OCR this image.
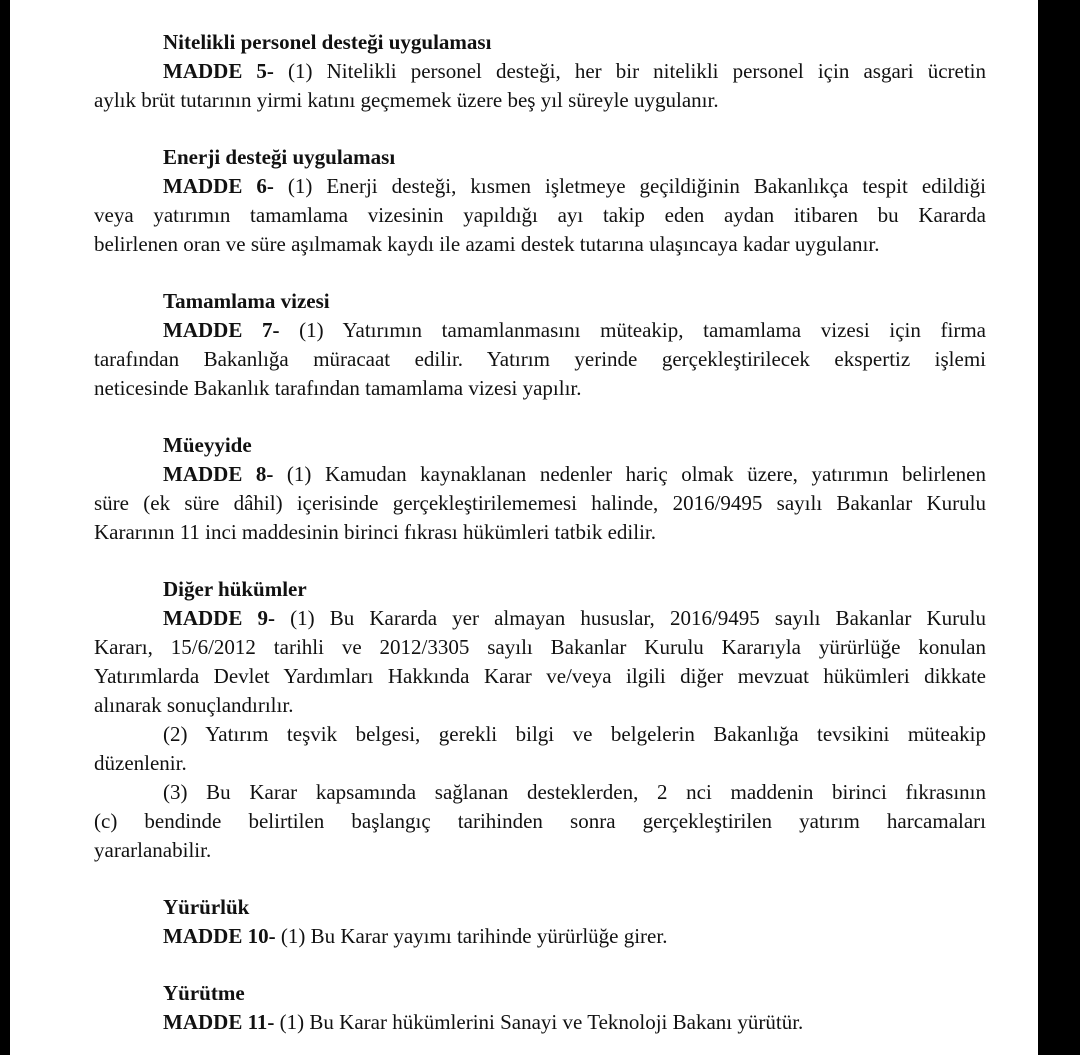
Nitelikli personel desteği uygulaması
MADDE 5- (1) Nitelikli personel desteği, her bir nitelikli personel için asgari ücretin
aylık brüt tutarının yirmi katını geçmemek üzere beş yıl süreyle uygulanır.
Enerji desteği uygulaması
MADDE 6- (1) Enerji desteği, kısmen işletmeye geçildiğinin Bakanlıkça tespit edildiği
veya yatırımın tamamlama vizesinin yapıldığı ayı takip eden aydan itibaren bu Kararda
belirlenen oran ve süre aşılmamak kaydı ile azami destek tutarına ulaşıncaya kadar uygulanır.
Tamamlama vizesi
MADDE 7- (1) Yatırımın tamamlanmasını müteakip, tamamlama vizesi için firma
tarafından Bakanlığa müracaat edilir. Yatırım yerinde gerçekleştirilecek ekspertiz işlemi
neticesinde Bakanlık tarafından tamamlama vizesi yapılır.
Müeyyide
MADDE 8- (1) Kamudan kaynaklanan nedenler hariç olmak üzere, yatırımın belirlenen
süre (ek süre dâhil) içerisinde gerçekleştirilememesi halinde, 2016/9495 sayılı Bakanlar Kurulu
Kararının 11 inci maddesinin birinci fıkrası hükümleri tatbik edilir.
Diğer hükümler
MADDE 9- (1) Bu Kararda yer almayan hususlar, 2016/9495 sayılı Bakanlar Kurulu
Kararı, 15/6/2012 tarihli ve 2012/3305 sayılı Bakanlar Kurulu Kararıyla yürürlüğe konulan
Yatırımlarda Devlet Yardımları Hakkında Karar ve/veya ilgili diğer mevzuat hükümleri dikkate
alınarak sonuçlandırılır.
(2) Yatırım teşvik belgesi, gerekli bilgi ve belgelerin Bakanlığa tevsikini müteakip
düzenlenir.
(3) Bu Karar kapsamında sağlanan desteklerden, 2 nci maddenin birinci fıkrasının
(c) bendinde belirtilen başlangıç tarihinden sonra gerçekleştirilen yatırım harcamaları
yararlanabilir.
Yürürlük
MADDE 10- (1) Bu Karar yayımı tarihinde yürürlüğe girer.
Yürütme
MADDE 11- (1) Bu Karar hükümlerini Sanayi ve Teknoloji Bakanı yürütür.
